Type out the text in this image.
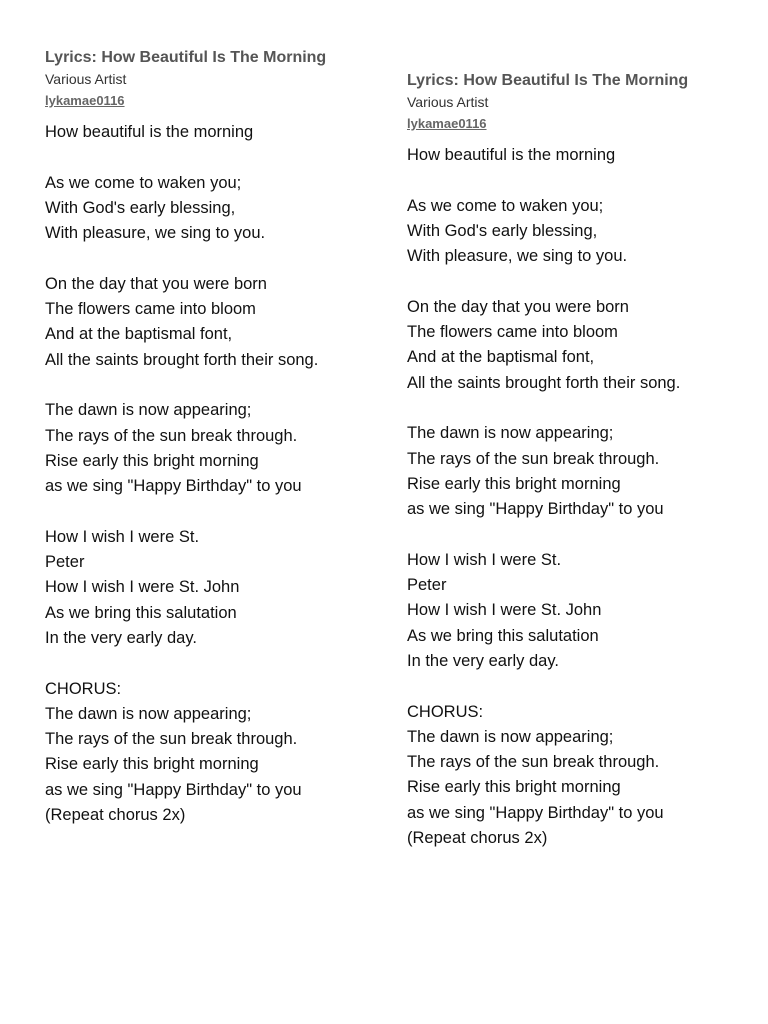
Lyrics: How Beautiful Is The Morning
Various Artist
lykamae0116
How beautiful is the morning
As we come to waken you;
With God's early blessing,
With pleasure, we sing to you.
On the day that you were born
The flowers came into bloom
And at the baptismal font,
All the saints brought forth their song.
The dawn is now appearing;
The rays of the sun break through.
Rise early this bright morning
as we sing "Happy Birthday" to you
How I wish I were St.
Peter
How I wish I were St. John
As we bring this salutation
In the very early day.
CHORUS:
The dawn is now appearing;
The rays of the sun break through.
Rise early this bright morning
as we sing "Happy Birthday" to you
(Repeat chorus 2x)
Lyrics: How Beautiful Is The Morning
Various Artist
lykamae0116
How beautiful is the morning
As we come to waken you;
With God's early blessing,
With pleasure, we sing to you.
On the day that you were born
The flowers came into bloom
And at the baptismal font,
All the saints brought forth their song.
The dawn is now appearing;
The rays of the sun break through.
Rise early this bright morning
as we sing "Happy Birthday" to you
How I wish I were St.
Peter
How I wish I were St. John
As we bring this salutation
In the very early day.
CHORUS:
The dawn is now appearing;
The rays of the sun break through.
Rise early this bright morning
as we sing "Happy Birthday" to you
(Repeat chorus 2x)
